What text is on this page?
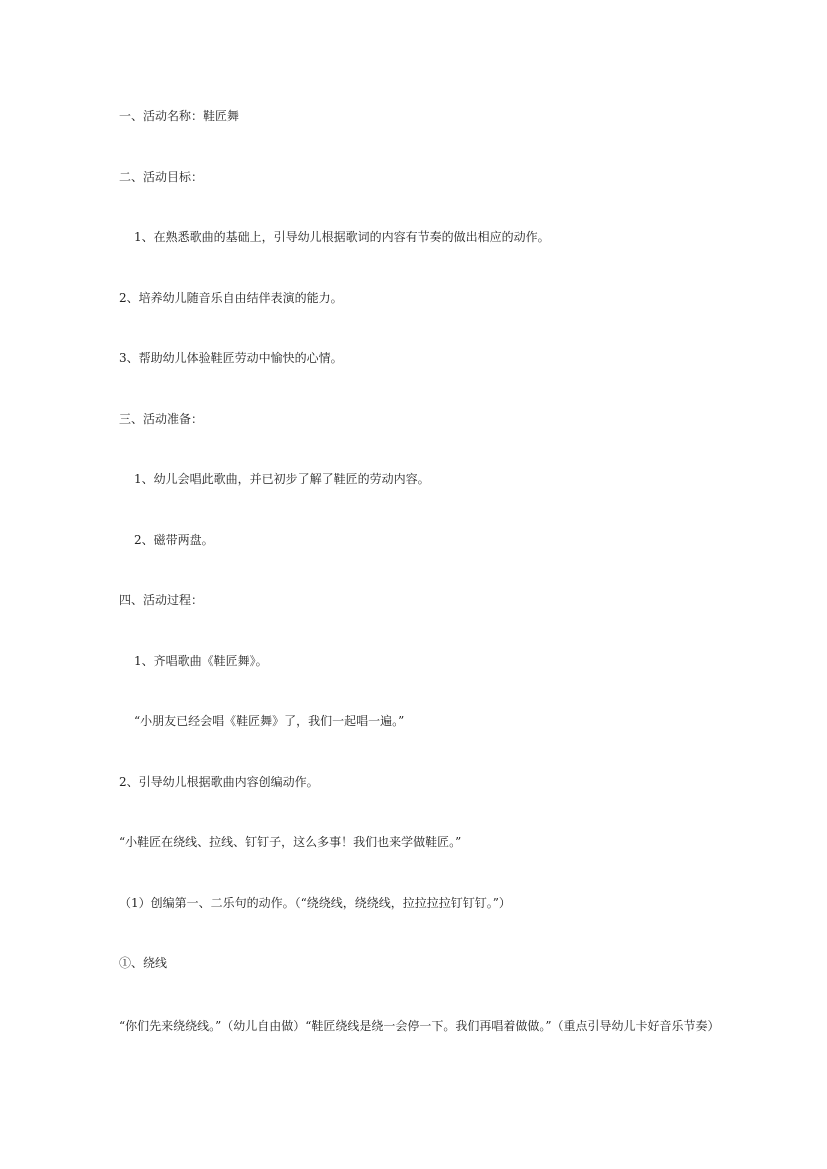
一、活动名称：鞋匠舞
二、活动目标：
1、在熟悉歌曲的基础上，引导幼儿根据歌词的内容有节奏的做出相应的动作。
2、培养幼儿随音乐自由结伴表演的能力。
3、帮助幼儿体验鞋匠劳动中愉快的心情。
三、活动准备：
1、幼儿会唱此歌曲，并已初步了解了鞋匠的劳动内容。
2、磁带两盘。
四、活动过程：
1、齐唱歌曲《鞋匠舞》。
“小朋友已经会唱《鞋匠舞》了，我们一起唱一遍。”
2、引导幼儿根据歌曲内容创编动作。
“小鞋匠在绕线、拉线、钉钉子，这么多事！我们也来学做鞋匠。”
（1）创编第一、二乐句的动作。（“绕绕线，绕绕线，拉拉拉拉钉钉钉。”）
①、绕线
“你们先来绕绕线。”（幼儿自由做）“鞋匠绕线是绕一会停一下。我们再唱着做做。”（重点引导幼儿卡好音乐节奏）
